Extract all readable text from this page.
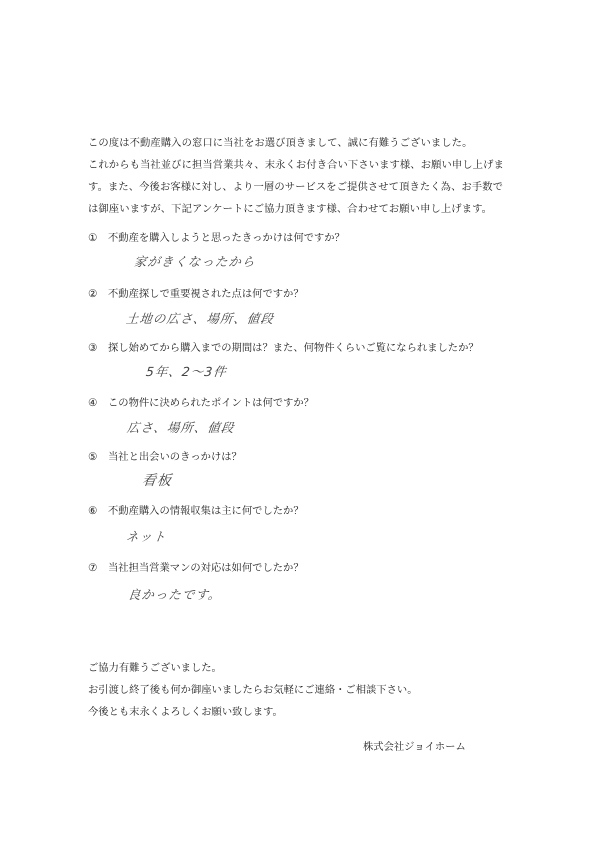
この度は不動産購入の窓口に当社をお選び頂きまして、誠に有難うございました。

これからも当社並びに担当営業共々、末永くお付き合い下さいます様、お願い申し上げま

す。また、今後お客様に対し、より一層のサービスをご提供させて頂きたく為、お手数で

は御座いますが、下記アンケートにご協力頂きます様、合わせてお願い申し上げます。

① 不動産を購入しようと思ったきっかけは何ですか？
家がきくなったから
② 不動産探しで重要視された点は何ですか？
土地の広さ、場所、値段
③ 探し始めてから購入までの期間は？また、何物件くらいご覧になられましたか？
5年、2～3件
④ この物件に決められたポイントは何ですか？
広さ、場所、値段
⑤ 当社と出会いのきっかけは？
看板
⑥ 不動産購入の情報収集は主に何でしたか？
ネット
⑦ 当社担当営業マンの対応は如何でしたか？
良かったです。

ご協力有難うございました。

お引渡し終了後も何か御座いましたらお気軽にご連絡・ご相談下さい。

今後とも末永くよろしくお願い致します。

株式会社ジョイホーム
